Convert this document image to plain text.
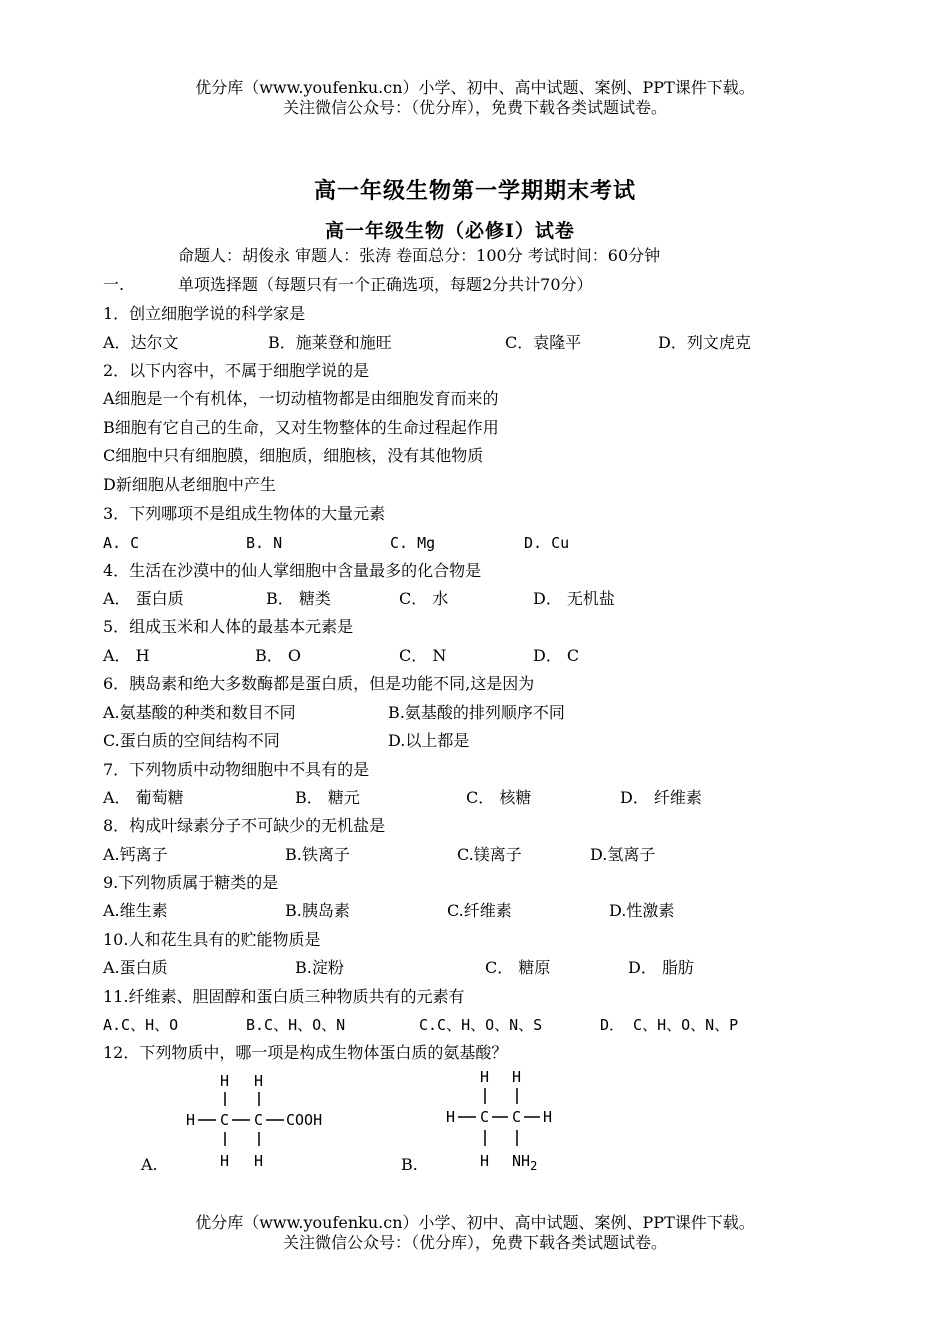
优分库（www.youfenku.cn）小学、初中、高中试题、案例、PPT课件下载。
关注微信公众号：（优分库），免费下载各类试题试卷。
高一年级生物第一学期期末考试
高一年级生物（必修Ⅰ）试卷
命题人：胡俊永 审题人：张涛 卷面总分：100分 考试时间：60分钟
一.	单项选择题（每题只有一个正确选项，每题2分共计70分）
1．创立细胞学说的科学家是
A．达尔文	B．施莱登和施旺	C．袁隆平	D．列文虎克
2．以下内容中，不属于细胞学说的是
A细胞是一个有机体，一切动植物都是由细胞发育而来的
B细胞有它自己的生命，又对生物整体的生命过程起作用
C细胞中只有细胞膜，细胞质，细胞核，没有其他物质
D新细胞从老细胞中产生
3．下列哪项不是组成生物体的大量元素
A. C	B. N	C. Mg	D. Cu
4．生活在沙漠中的仙人掌细胞中含量最多的化合物是
A． 蛋白质	B． 糖类	C． 水	D． 无机盐
5．组成玉米和人体的最基本元素是
A． H	B． O	C． N	D． C
6．胰岛素和绝大多数酶都是蛋白质，但是功能不同,这是因为
A.氨基酸的种类和数目不同	B.氨基酸的排列顺序不同
C.蛋白质的空间结构不同	D.以上都是
7．下列物质中动物细胞中不具有的是
A． 葡萄糖	B． 糖元	C． 核糖	D． 纤维素
8．构成叶绿素分子不可缺少的无机盐是
A.钙离子	B.铁离子	C.镁离子	D.氢离子
9.下列物质属于糖类的是
A.维生素	B.胰岛素	C.纤维素	D.性激素
10.人和花生具有的贮能物质是
A.蛋白质	B.淀粉	C． 糖原	D． 脂肪
11.纤维素、胆固醇和蛋白质三种物质共有的元素有
A.C、H、O	B.C、H、O、N	C.C、H、O、N、S	D． C、H、O、N、P
12．下列物质中，哪一项是构成生物体蛋白质的氨基酸？
A.	B.
H H
H C C COOH
H H
H H
H C C H
H $NH_2$
优分库（www.youfenku.cn）小学、初中、高中试题、案例、PPT课件下载。
关注微信公众号：（优分库），免费下载各类试题试卷。
